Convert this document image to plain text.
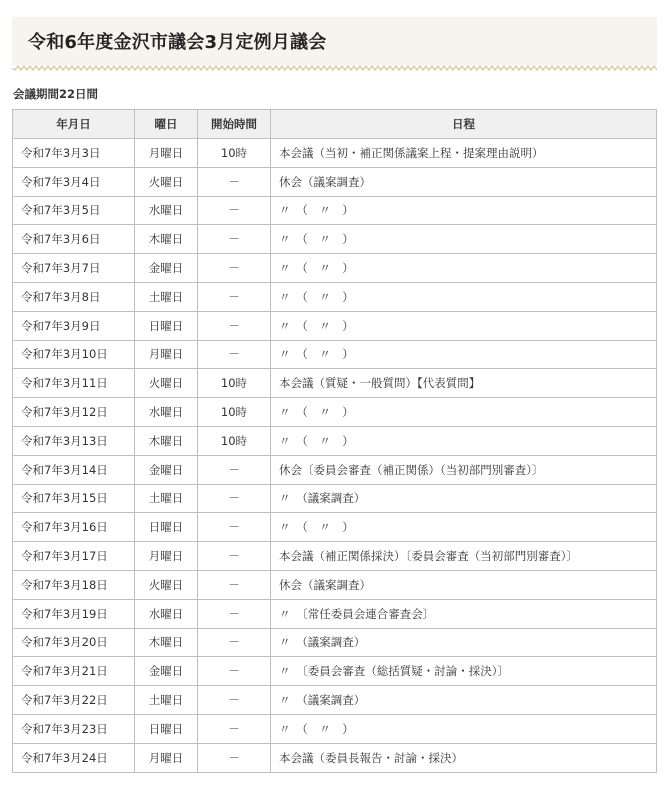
令和6年度金沢市議会3月定例月議会
会議期間22日間
年月日	曜日	開始時間	日程
令和7年3月3日	月曜日	10時	本会議（当初・補正関係議案上程・提案理由説明）
令和7年3月4日	火曜日	－	休会（議案調査）
令和7年3月5日	水曜日	－	〃　（　〃　）
令和7年3月6日	木曜日	－	〃　（　〃　）
令和7年3月7日	金曜日	－	〃　（　〃　）
令和7年3月8日	土曜日	－	〃　（　〃　）
令和7年3月9日	日曜日	－	〃　（　〃　）
令和7年3月10日	月曜日	－	〃　（　〃　）
令和7年3月11日	火曜日	10時	本会議（質疑・一般質問）【代表質問】
令和7年3月12日	水曜日	10時	〃　（　〃　）
令和7年3月13日	木曜日	10時	〃　（　〃　）
令和7年3月14日	金曜日	－	休会〔委員会審査（補正関係）（当初部門別審査）〕
令和7年3月15日	土曜日	－	〃　（議案調査）
令和7年3月16日	日曜日	－	〃　（　〃　）
令和7年3月17日	月曜日	－	本会議（補正関係採決）〔委員会審査（当初部門別審査）〕
令和7年3月18日	火曜日	－	休会（議案調査）
令和7年3月19日	水曜日	－	〃　〔常任委員会連合審査会〕
令和7年3月20日	木曜日	－	〃　（議案調査）
令和7年3月21日	金曜日	－	〃　〔委員会審査（総括質疑・討論・採決）〕
令和7年3月22日	土曜日	－	〃　（議案調査）
令和7年3月23日	日曜日	－	〃　（　〃　）
令和7年3月24日	月曜日	－	本会議（委員長報告・討論・採決）
